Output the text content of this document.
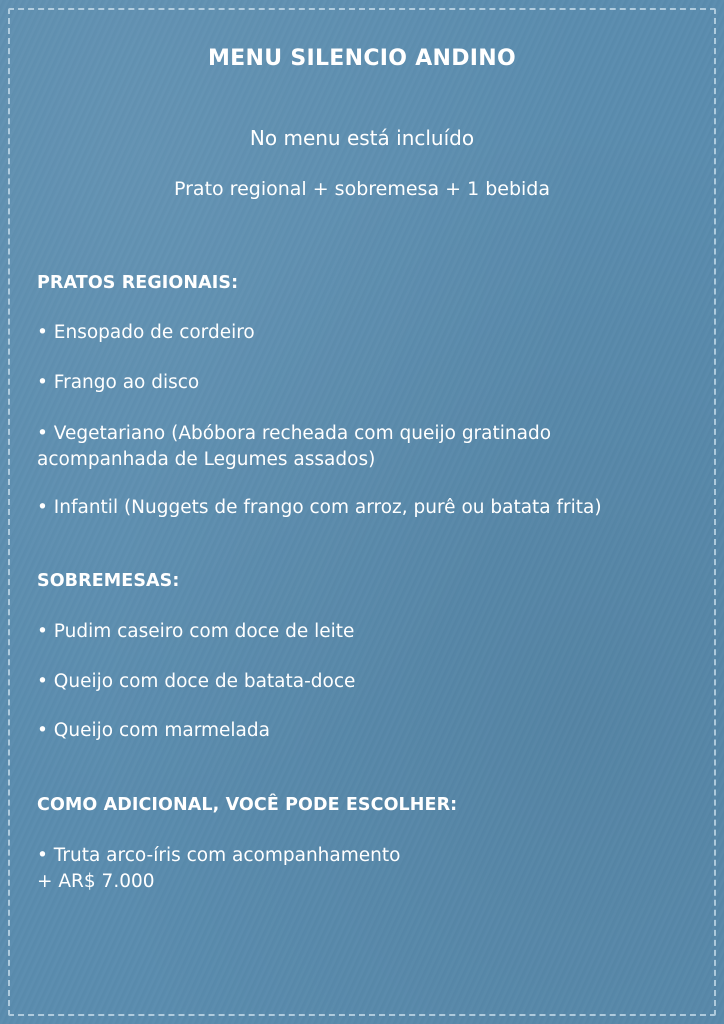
MENU SILENCIO ANDINO
No menu está incluído
Prato regional + sobremesa + 1 bebida
PRATOS REGIONAIS:
• Ensopado de cordeiro
• Frango ao disco
• Vegetariano (Abóbora recheada com queijo gratinado
acompanhada de Legumes assados)
• Infantil (Nuggets de frango com arroz, purê ou batata frita)
SOBREMESAS:
• Pudim caseiro com doce de leite
• Queijo com doce de batata-doce
• Queijo com marmelada
COMO ADICIONAL, VOCÊ PODE ESCOLHER:
• Truta arco-íris com acompanhamento
+ AR$ 7.000
